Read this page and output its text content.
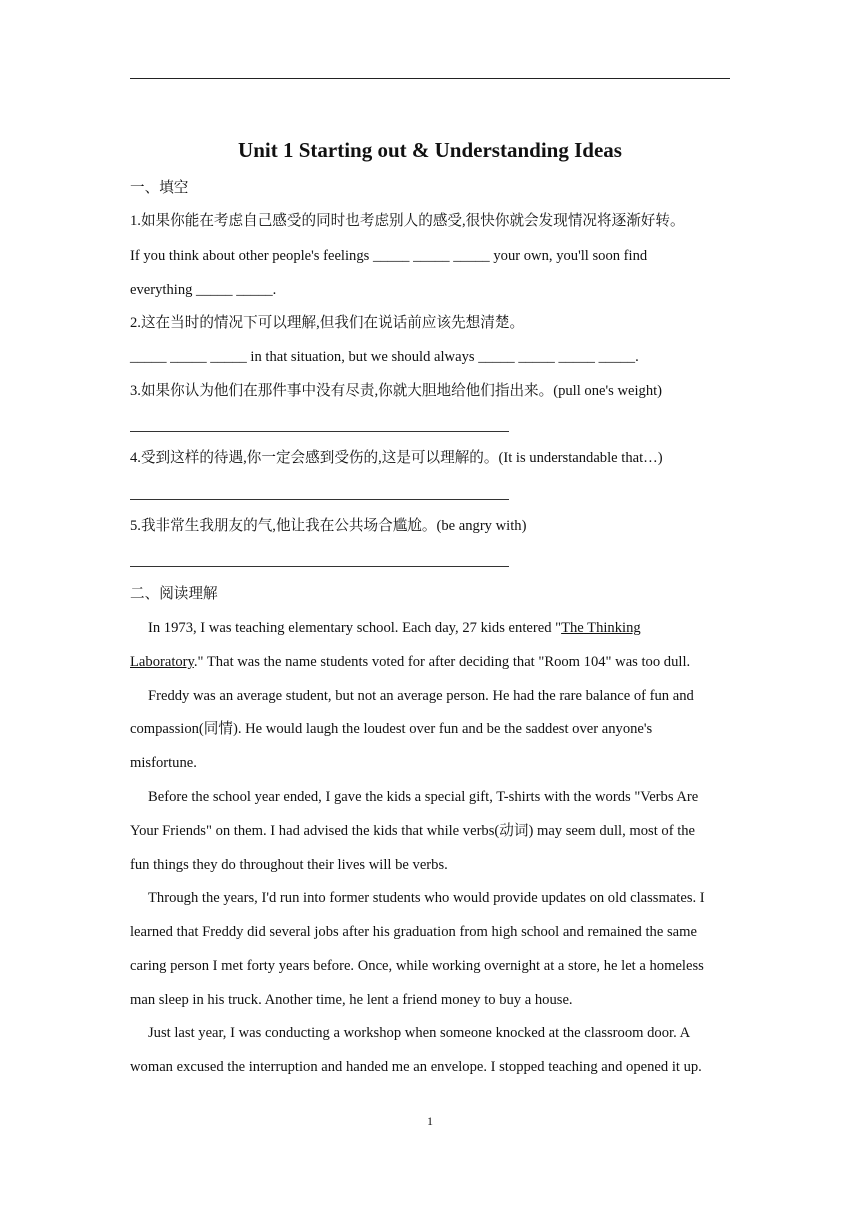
Unit 1 Starting out & Understanding Ideas
一、填空
1.如果你能在考虑自己感受的同时也考虑别人的感受,很快你就会发现情况将逐渐好转。
If you think about other people's feelings _____ _____ _____ your own, you'll soon find
everything _____ _____.
2.这在当时的情况下可以理解,但我们在说话前应该先想清楚。
_____ _____ _____ in that situation, but we should always _____ _____ _____ _____.
3.如果你认为他们在那件事中没有尽责,你就大胆地给他们指出来。(pull one's weight)
4.受到这样的待遇,你一定会感到受伤的,这是可以理解的。(It is understandable that…)
5.我非常生我朋友的气,他让我在公共场合尴尬。(be angry with)
二、阅读理解
In 1973, I was teaching elementary school. Each day, 27 kids entered "The Thinking
Laboratory." That was the name students voted for after deciding that "Room 104" was too dull.
Freddy was an average student, but not an average person. He had the rare balance of fun and
compassion(同情). He would laugh the loudest over fun and be the saddest over anyone's
misfortune.
Before the school year ended, I gave the kids a special gift, T-shirts with the words "Verbs Are
Your Friends" on them. I had advised the kids that while verbs(动词) may seem dull, most of the
fun things they do throughout their lives will be verbs.
Through the years, I'd run into former students who would provide updates on old classmates. I
learned that Freddy did several jobs after his graduation from high school and remained the same
caring person I met forty years before. Once, while working overnight at a store, he let a homeless
man sleep in his truck. Another time, he lent a friend money to buy a house.
Just last year, I was conducting a workshop when someone knocked at the classroom door. A
woman excused the interruption and handed me an envelope. I stopped teaching and opened it up.
1
